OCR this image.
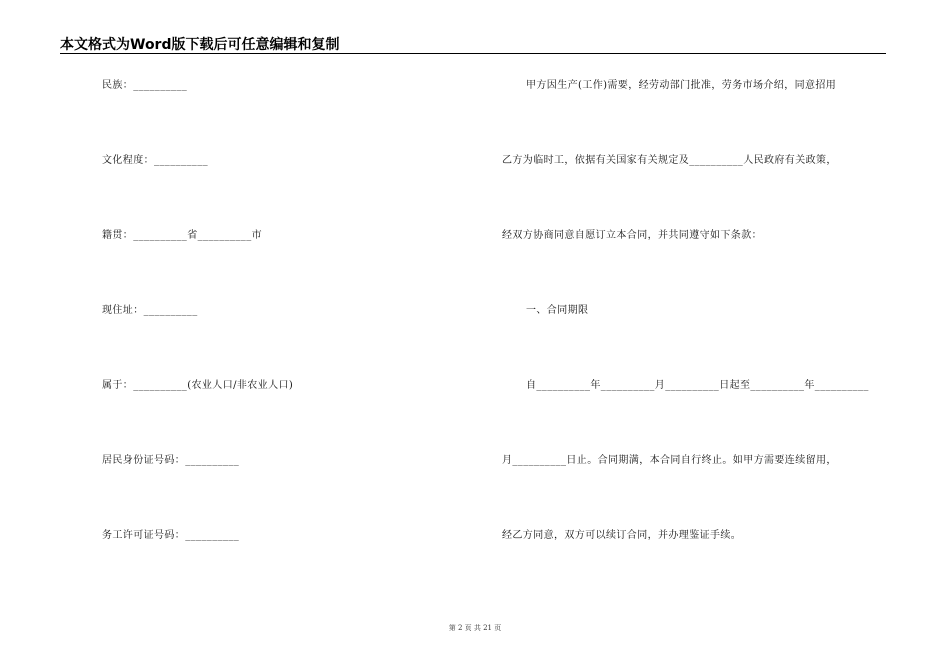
本文格式为Word版下载后可任意编辑和复制
民族：__________
文化程度：__________
籍贯：__________省__________市
现住址：__________
属于：__________(农业人口/非农业人口)
居民身份证号码：__________
务工许可证号码：__________
甲方因生产(工作)需要，经劳动部门批准，劳务市场介绍，同意招用
乙方为临时工，依据有关国家有关规定及__________人民政府有关政策，
经双方协商同意自愿订立本合同，并共同遵守如下条款：
一、合同期限
自__________年__________月__________日起至__________年__________
月__________日止。合同期满，本合同自行终止。如甲方需要连续留用，
经乙方同意，双方可以续订合同，并办理鉴证手续。
第 2 页 共 21 页
